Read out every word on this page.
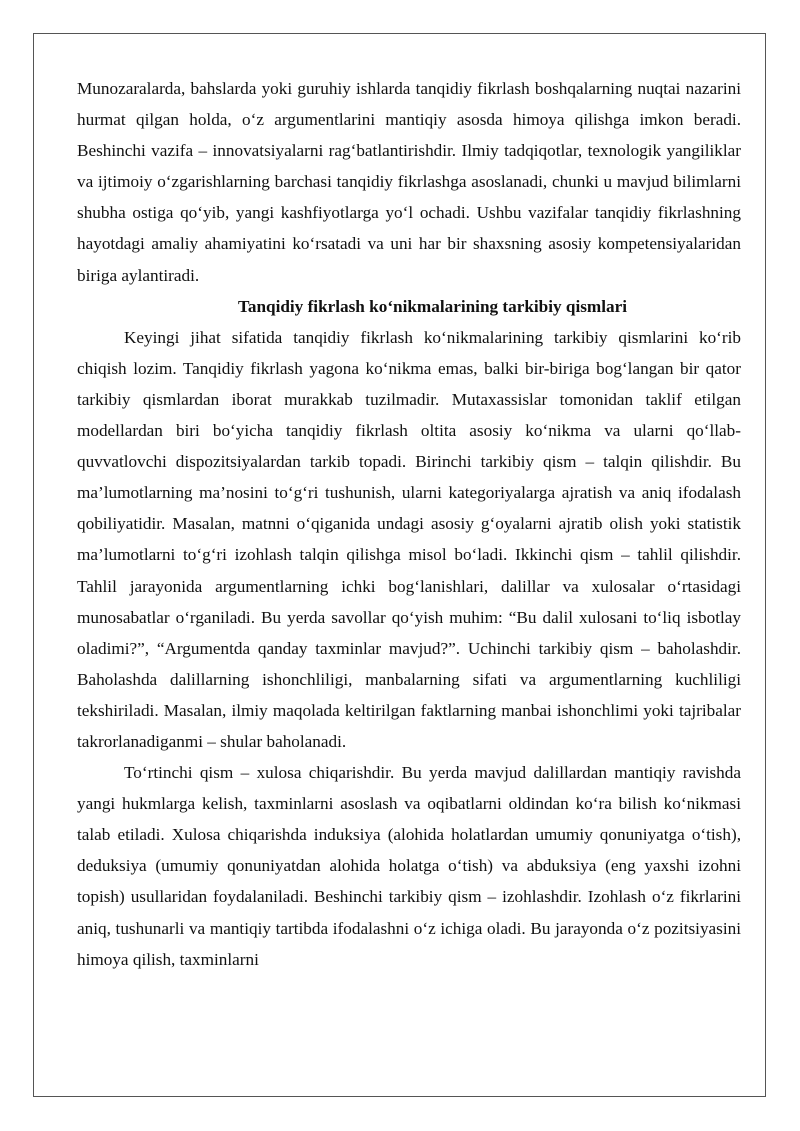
Munozaralarda, bahslarda yoki guruhiy ishlarda tanqidiy fikrlash boshqalarning nuqtai nazarini hurmat qilgan holda, o‘z argumentlarini mantiqiy asosda himoya qilishga imkon beradi. Beshinchi vazifa – innovatsiyalarni rag‘batlantirishdir. Ilmiy tadqiqotlar, texnologik yangiliklar va ijtimoiy o‘zgarishlarning barchasi tanqidiy fikrlashga asoslanadi, chunki u mavjud bilimlarni shubha ostiga qo‘yib, yangi kashfiyotlarga yo‘l ochadi. Ushbu vazifalar tanqidiy fikrlashning hayotdagi amaliy ahamiyatini ko‘rsatadi va uni har bir shaxsning asosiy kompetensiyalaridan biriga aylantiradi.

Tanqidiy fikrlash ko‘nikmalarining tarkibiy qismlari

Keyingi jihat sifatida tanqidiy fikrlash ko‘nikmalarining tarkibiy qismlarini ko‘rib chiqish lozim. Tanqidiy fikrlash yagona ko‘nikma emas, balki bir-biriga bog‘langan bir qator tarkibiy qismlardan iborat murakkab tuzilmadir. Mutaxassislar tomonidan taklif etilgan modellardan biri bo‘yicha tanqidiy fikrlash oltita asosiy ko‘nikma va ularni qo‘llab-quvvatlovchi dispozitsiyalardan tarkib topadi. Birinchi tarkibiy qism – talqin qilishdir. Bu ma’lumotlarning ma’nosini to‘g‘ri tushunish, ularni kategoriyalarga ajratish va aniq ifodalash qobiliyatidir. Masalan, matnni o‘qiganida undagi asosiy g‘oyalarni ajratib olish yoki statistik ma’lumotlarni to‘g‘ri izohlash talqin qilishga misol bo‘ladi. Ikkinchi qism – tahlil qilishdir. Tahlil jarayonida argumentlarning ichki bog‘lanishlari, dalillar va xulosalar o‘rtasidagi munosabatlar o‘rganiladi. Bu yerda savollar qo‘yish muhim: “Bu dalil xulosani to‘liq isbotlay oladimi?”, “Argumentda qanday taxminlar mavjud?”. Uchinchi tarkibiy qism – baholashdir. Baholashda dalillarning ishonchliligi, manbalarning sifati va argumentlarning kuchliligi tekshiriladi. Masalan, ilmiy maqolada keltirilgan faktlarning manbai ishonchlimi yoki tajribalar takrorlanadiganmi – shular baholanadi.

To‘rtinchi qism – xulosa chiqarishdir. Bu yerda mavjud dalillardan mantiqiy ravishda yangi hukmlarga kelish, taxminlarni asoslash va oqibatlarni oldindan ko‘ra bilish ko‘nikmasi talab etiladi. Xulosa chiqarishda induksiya (alohida holatlardan umumiy qonuniyatga o‘tish), deduksiya (umumiy qonuniyatdan alohida holatga o‘tish) va abduksiya (eng yaxshi izohni topish) usullaridan foydalaniladi. Beshinchi tarkibiy qism – izohlashdir. Izohlash o‘z fikrlarini aniq, tushunarli va mantiqiy tartibda ifodalashni o‘z ichiga oladi. Bu jarayonda o‘z pozitsiyasini himoya qilish, taxminlarni
